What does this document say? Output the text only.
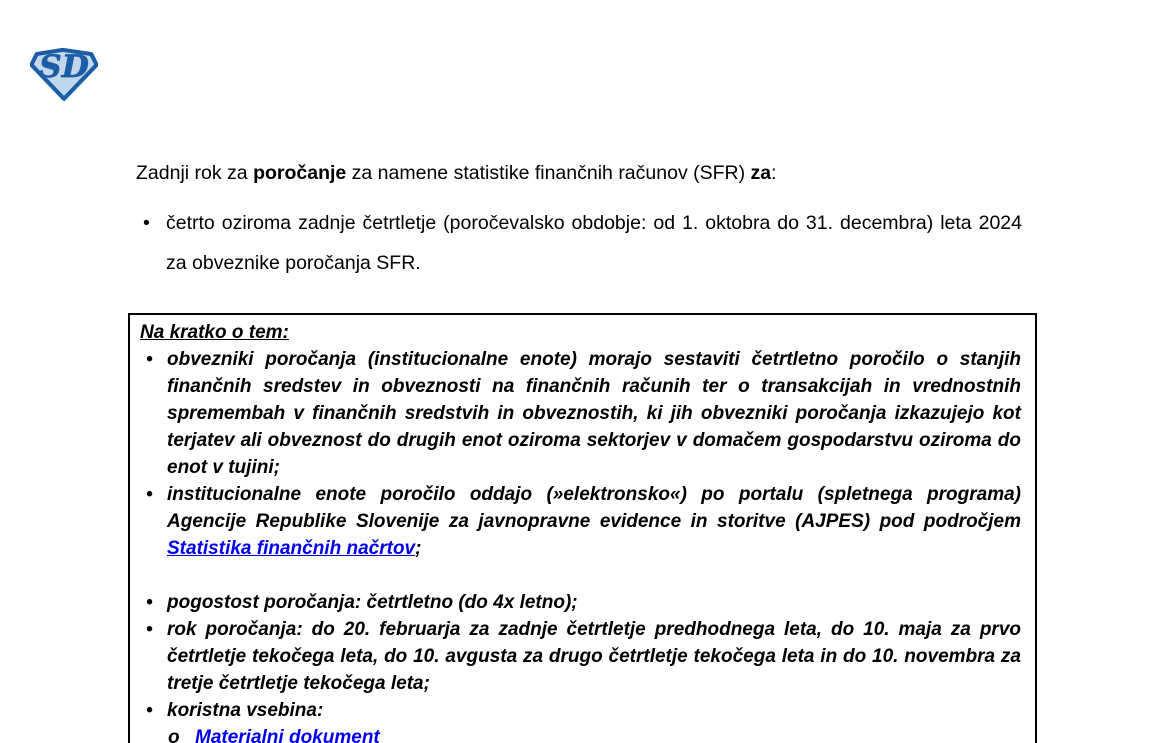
SD
Zadnji rok za poročanje za namene statistike finančnih računov (SFR) za:
• četrto oziroma zadnje četrtletje (poročevalsko obdobje: od 1. oktobra do 31. decembra) leta 2024 za obveznike poročanja SFR.
Na kratko o tem:
• obvezniki poročanja (institucionalne enote) morajo sestaviti četrtletno poročilo o stanjih finančnih sredstev in obveznosti na finančnih računih ter o transakcijah in vrednostnih spremembah v finančnih sredstvih in obveznostih, ki jih obvezniki poročanja izkazujejo kot terjatev ali obveznost do drugih enot oziroma sektorjev v domačem gospodarstvu oziroma do enot v tujini;
• institucionalne enote poročilo oddajo (»elektronsko«) po portalu (spletnega programa) Agencije Republike Slovenije za javnopravne evidence in storitve (AJPES) pod področjem Statistika finančnih načrtov;
• pogostost poročanja: četrtletno (do 4x letno);
• rok poročanja: do 20. februarja za zadnje četrtletje predhodnega leta, do 10. maja za prvo četrtletje tekočega leta, do 10. avgusta za drugo četrtletje tekočega leta in do 10. novembra za tretje četrtletje tekočega leta;
• koristna vsebina:
o Materialni dokument
